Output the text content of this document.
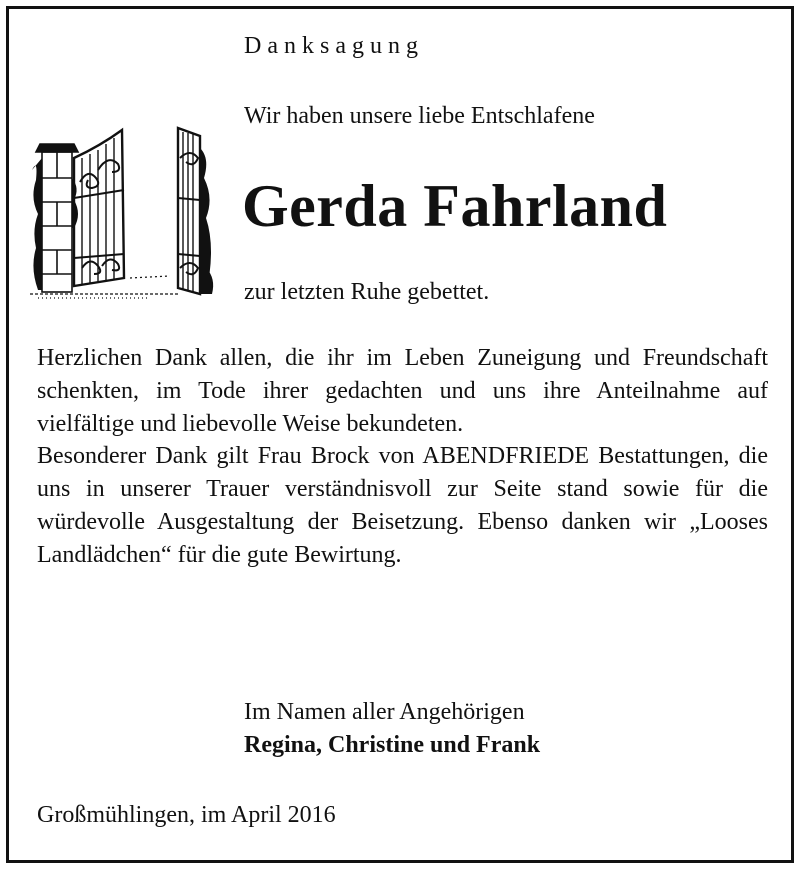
Danksagung
Wir haben unsere liebe Entschlafene
Gerda Fahrland
zur letzten Ruhe gebettet.

Herzlichen Dank allen, die ihr im Leben Zuneigung und Freundschaft schenkten, im Tode ihrer gedachten und uns ihre Anteilnahme auf vielfältige und liebevolle Weise bekundeten.

Besonderer Dank gilt Frau Brock von ABENDFRIEDE Bestattungen, die uns in unserer Trauer verständnisvoll zur Seite stand sowie für die würdevolle Ausgestaltung der Beisetzung. Ebenso danken wir „Looses Landlädchen“ für die gute Bewirtung.

Im Namen aller Angehörigen
Regina, Christine und Frank
Großmühlingen, im April 2016
